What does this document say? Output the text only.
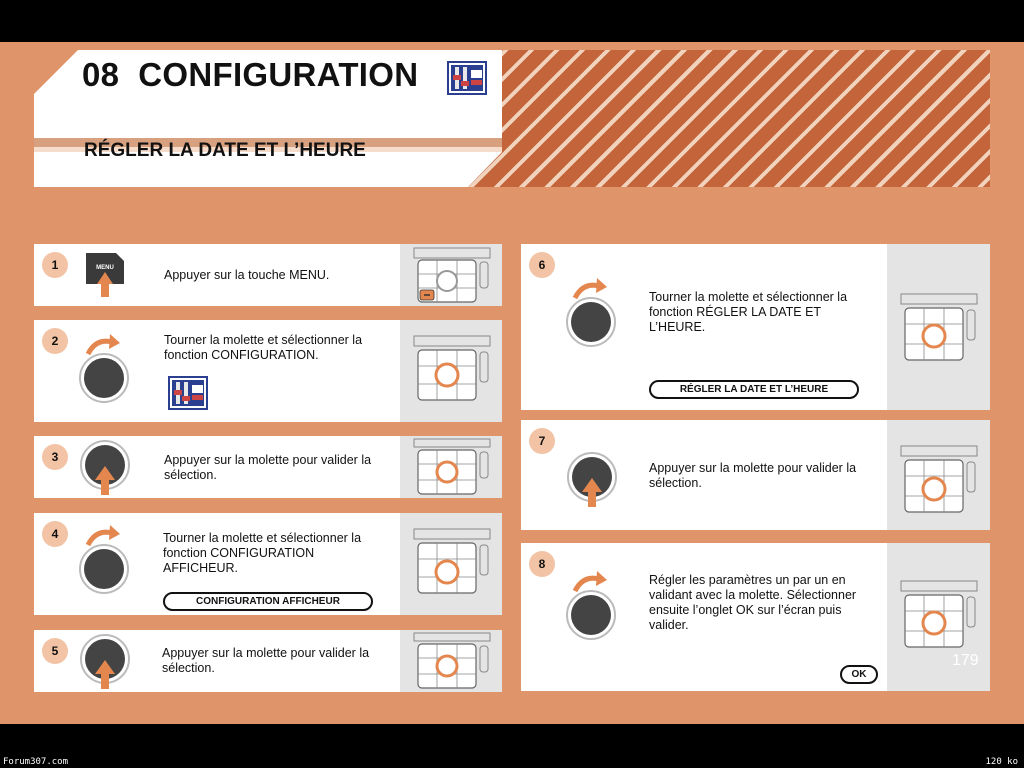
08 CONFIGURATION
RÉGLER LA DATE ET L’HEURE
1	MENU	Appuyer sur la touche MENU.
2	Tourner la molette et sélectionner la fonction CONFIGURATION.
3	Appuyer sur la molette pour valider la sélection.
4	Tourner la molette et sélectionner la fonction CONFIGURATION AFFICHEUR.
CONFIGURATION AFFICHEUR
5	Appuyer sur la molette pour valider la sélection.
6
Tourner la molette et sélectionner la fonction RÉGLER LA DATE ET L’HEURE.
RÉGLER LA DATE ET L’HEURE
7
Appuyer sur la molette pour valider la sélection.
8
Régler les paramètres un par un en validant avec la molette. Sélectionner ensuite l’onglet OK sur l’écran puis valider.
OK
179
Forum307.com	120 ko
